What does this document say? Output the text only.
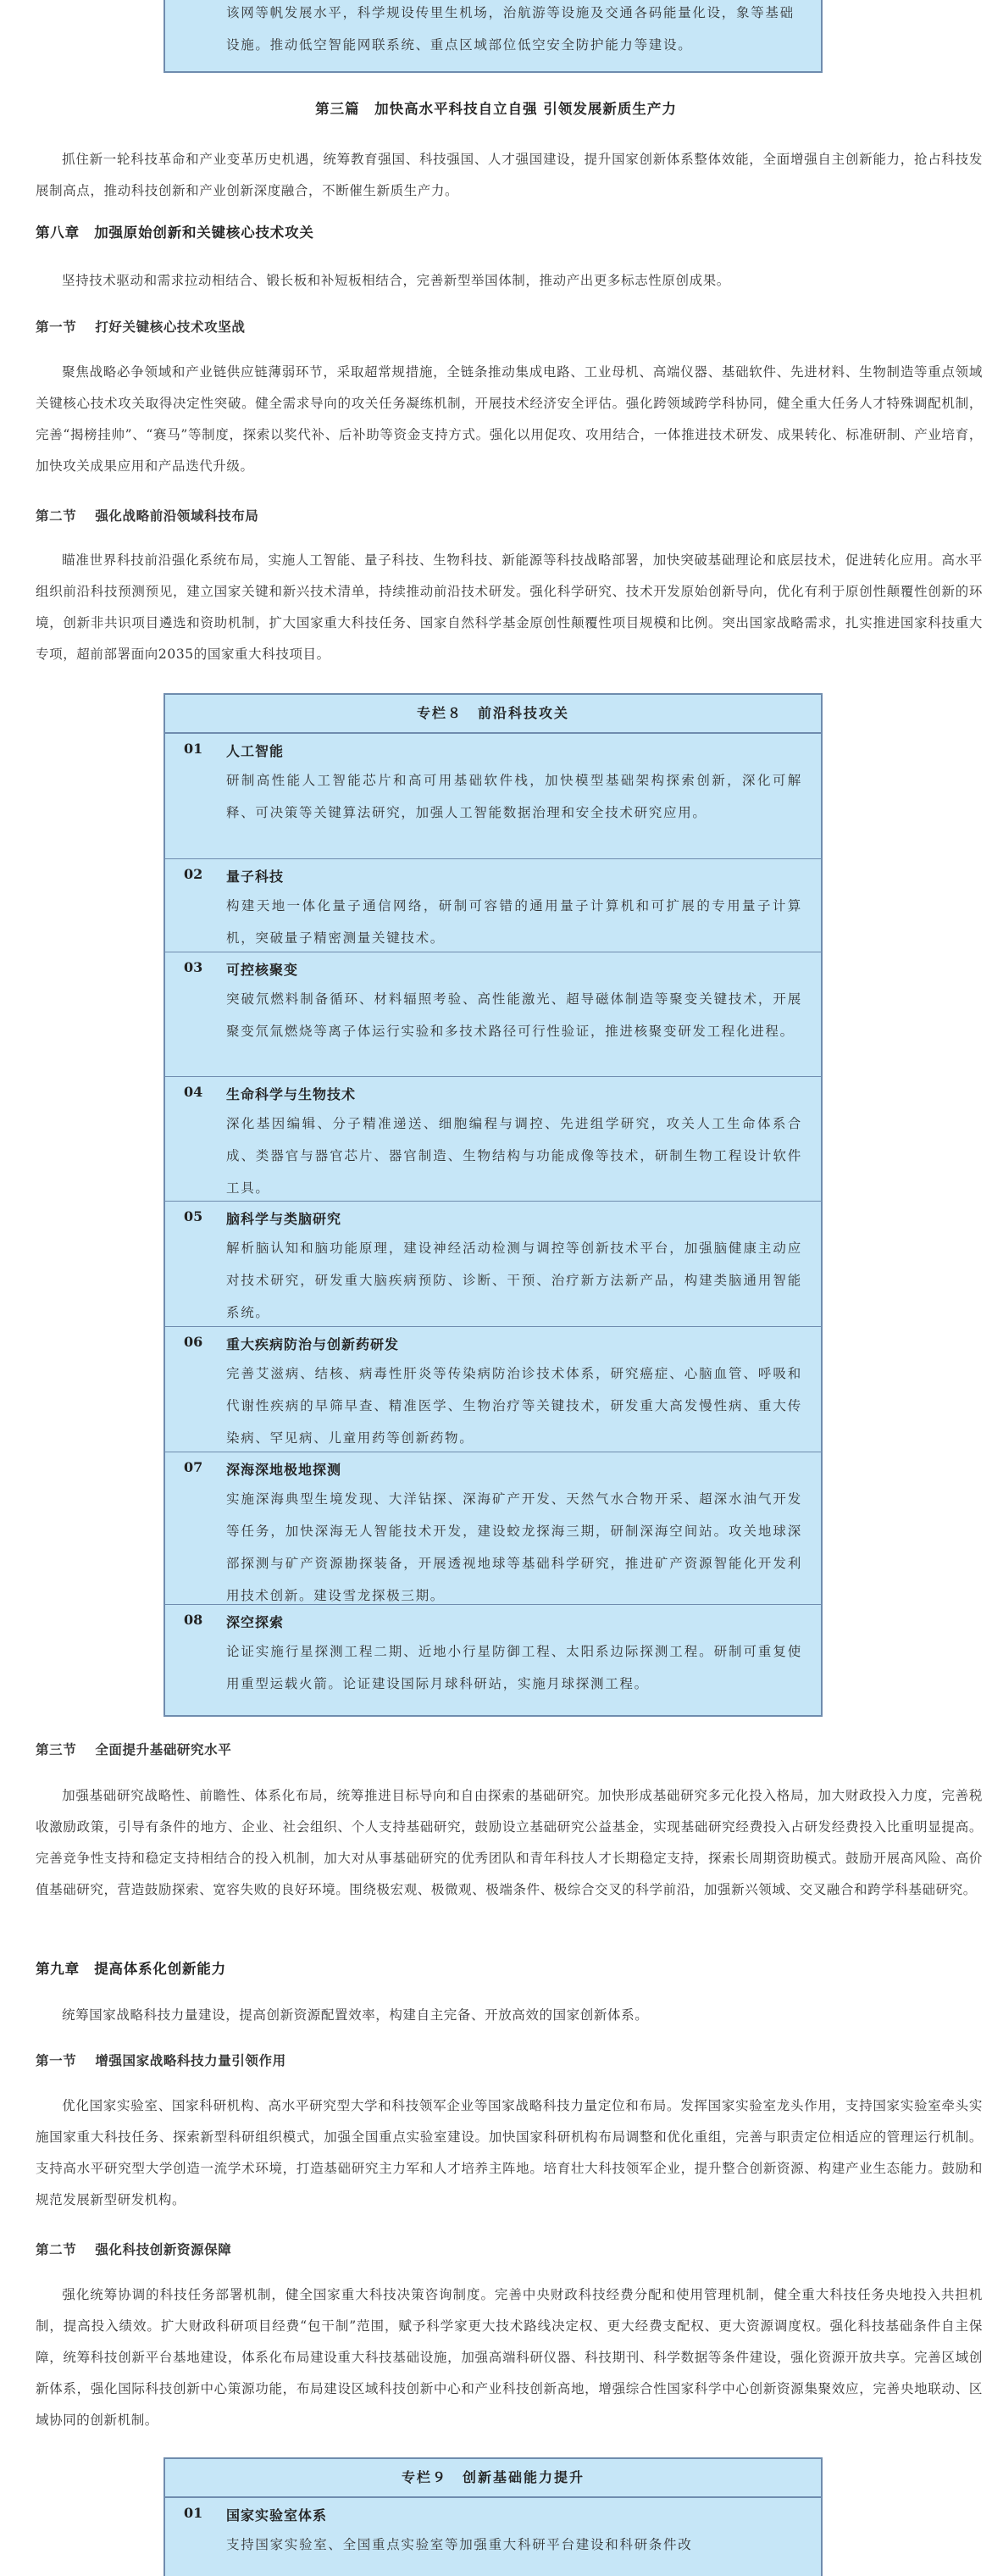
该网等帆发展水平，科学规设传里生机场，治航游等设施及交通各码能量化设，象等基础设施。推动低空智能网联系统、重点区域部位低空安全防护能力等建设。
第三篇　加快高水平科技自立自强 引领发展新质生产力

抓住新一轮科技革命和产业变革历史机遇，统筹教育强国、科技强国、人才强国建设，提升国家创新体系整体效能，全面增强自主创新能力，抢占科技发展制高点，推动科技创新和产业创新深度融合，不断催生新质生产力。

第八章　加强原始创新和关键核心技术攻关

坚持技术驱动和需求拉动相结合、锻长板和补短板相结合，完善新型举国体制，推动产出更多标志性原创成果。

第一节 打好关键核心技术攻坚战

聚焦战略必争领域和产业链供应链薄弱环节，采取超常规措施，全链条推动集成电路、工业母机、高端仪器、基础软件、先进材料、生物制造等重点领域关键核心技术攻关取得决定性突破。健全需求导向的攻关任务凝练机制，开展技术经济安全评估。强化跨领域跨学科协同，健全重大任务人才特殊调配机制，完善“揭榜挂帅”、“赛马”等制度，探索以奖代补、后补助等资金支持方式。强化以用促攻、攻用结合，一体推进技术研发、成果转化、标准研制、产业培育，加快攻关成果应用和产品迭代升级。

第二节 强化战略前沿领域科技布局

瞄准世界科技前沿强化系统布局，实施人工智能、量子科技、生物科技、新能源等科技战略部署，加快突破基础理论和底层技术，促进转化应用。高水平组织前沿科技预测预见，建立国家关键和新兴技术清单，持续推动前沿技术研发。强化科学研究、技术开发原始创新导向，优化有利于原创性颠覆性创新的环境，创新非共识项目遴选和资助机制，扩大国家重大科技任务、国家自然科学基金原创性颠覆性项目规模和比例。突出国家战略需求，扎实推进国家科技重大专项，超前部署面向2035的国家重大科技项目。

专栏８ 前沿科技攻关
01 人工智能
研制高性能人工智能芯片和高可用基础软件栈，加快模型基础架构探索创新，深化可解释、可决策等关键算法研究，加强人工智能数据治理和安全技术研究应用。
02 量子科技
构建天地一体化量子通信网络，研制可容错的通用量子计算机和可扩展的专用量子计算机，突破量子精密测量关键技术。
03 可控核聚变
突破氘燃料制备循环、材料辐照考验、高性能激光、超导磁体制造等聚变关键技术，开展聚变氘氚燃烧等离子体运行实验和多技术路径可行性验证，推进核聚变研发工程化进程。
04 生命科学与生物技术
深化基因编辑、分子精准递送、细胞编程与调控、先进组学研究，攻关人工生命体系合成、类器官与器官芯片、器官制造、生物结构与功能成像等技术，研制生物工程设计软件工具。
05 脑科学与类脑研究
解析脑认知和脑功能原理，建设神经活动检测与调控等创新技术平台，加强脑健康主动应对技术研究，研发重大脑疾病预防、诊断、干预、治疗新方法新产品，构建类脑通用智能系统。
06 重大疾病防治与创新药研发
完善艾滋病、结核、病毒性肝炎等传染病防治诊技术体系，研究癌症、心脑血管、呼吸和代谢性疾病的早筛早查、精准医学、生物治疗等关键技术，研发重大高发慢性病、重大传染病、罕见病、儿童用药等创新药物。
07 深海深地极地探测
实施深海典型生境发现、大洋钻探、深海矿产开发、天然气水合物开采、超深水油气开发等任务，加快深海无人智能技术开发，建设蛟龙探海三期，研制深海空间站。攻关地球深部探测与矿产资源勘探装备，开展透视地球等基础科学研究，推进矿产资源智能化开发利用技术创新。建设雪龙探极三期。
08 深空探索
论证实施行星探测工程二期、近地小行星防御工程、太阳系边际探测工程。研制可重复使用重型运载火箭。论证建设国际月球科研站，实施月球探测工程。
第三节 全面提升基础研究水平

加强基础研究战略性、前瞻性、体系化布局，统筹推进目标导向和自由探索的基础研究。加快形成基础研究多元化投入格局，加大财政投入力度，完善税收激励政策，引导有条件的地方、企业、社会组织、个人支持基础研究，鼓励设立基础研究公益基金，实现基础研究经费投入占研发经费投入比重明显提高。完善竞争性支持和稳定支持相结合的投入机制，加大对从事基础研究的优秀团队和青年科技人才长期稳定支持，探索长周期资助模式。鼓励开展高风险、高价值基础研究，营造鼓励探索、宽容失败的良好环境。围绕极宏观、极微观、极端条件、极综合交叉的科学前沿，加强新兴领域、交叉融合和跨学科基础研究。

第九章　提高体系化创新能力

统筹国家战略科技力量建设，提高创新资源配置效率，构建自主完备、开放高效的国家创新体系。

第一节 增强国家战略科技力量引领作用

优化国家实验室、国家科研机构、高水平研究型大学和科技领军企业等国家战略科技力量定位和布局。发挥国家实验室龙头作用，支持国家实验室牵头实施国家重大科技任务、探索新型科研组织模式，加强全国重点实验室建设。加快国家科研机构布局调整和优化重组，完善与职责定位相适应的管理运行机制。支持高水平研究型大学创造一流学术环境，打造基础研究主力军和人才培养主阵地。培育壮大科技领军企业，提升整合创新资源、构建产业生态能力。鼓励和规范发展新型研发机构。

第二节 强化科技创新资源保障

强化统筹协调的科技任务部署机制，健全国家重大科技决策咨询制度。完善中央财政科技经费分配和使用管理机制，健全重大科技任务央地投入共担机制，提高投入绩效。扩大财政科研项目经费“包干制”范围，赋予科学家更大技术路线决定权、更大经费支配权、更大资源调度权。强化科技基础条件自主保障，统筹科技创新平台基地建设，体系化布局建设重大科技基础设施，加强高端科研仪器、科技期刊、科学数据等条件建设，强化资源开放共享。完善区域创新体系，强化国际科技创新中心策源功能，布局建设区域科技创新中心和产业科技创新高地，增强综合性国家科学中心创新资源集聚效应，完善央地联动、区域协同的创新机制。

专栏９ 创新基础能力提升
01 国家实验室体系
支持国家实验室、全国重点实验室等加强重大科研平台建设和科研条件改
